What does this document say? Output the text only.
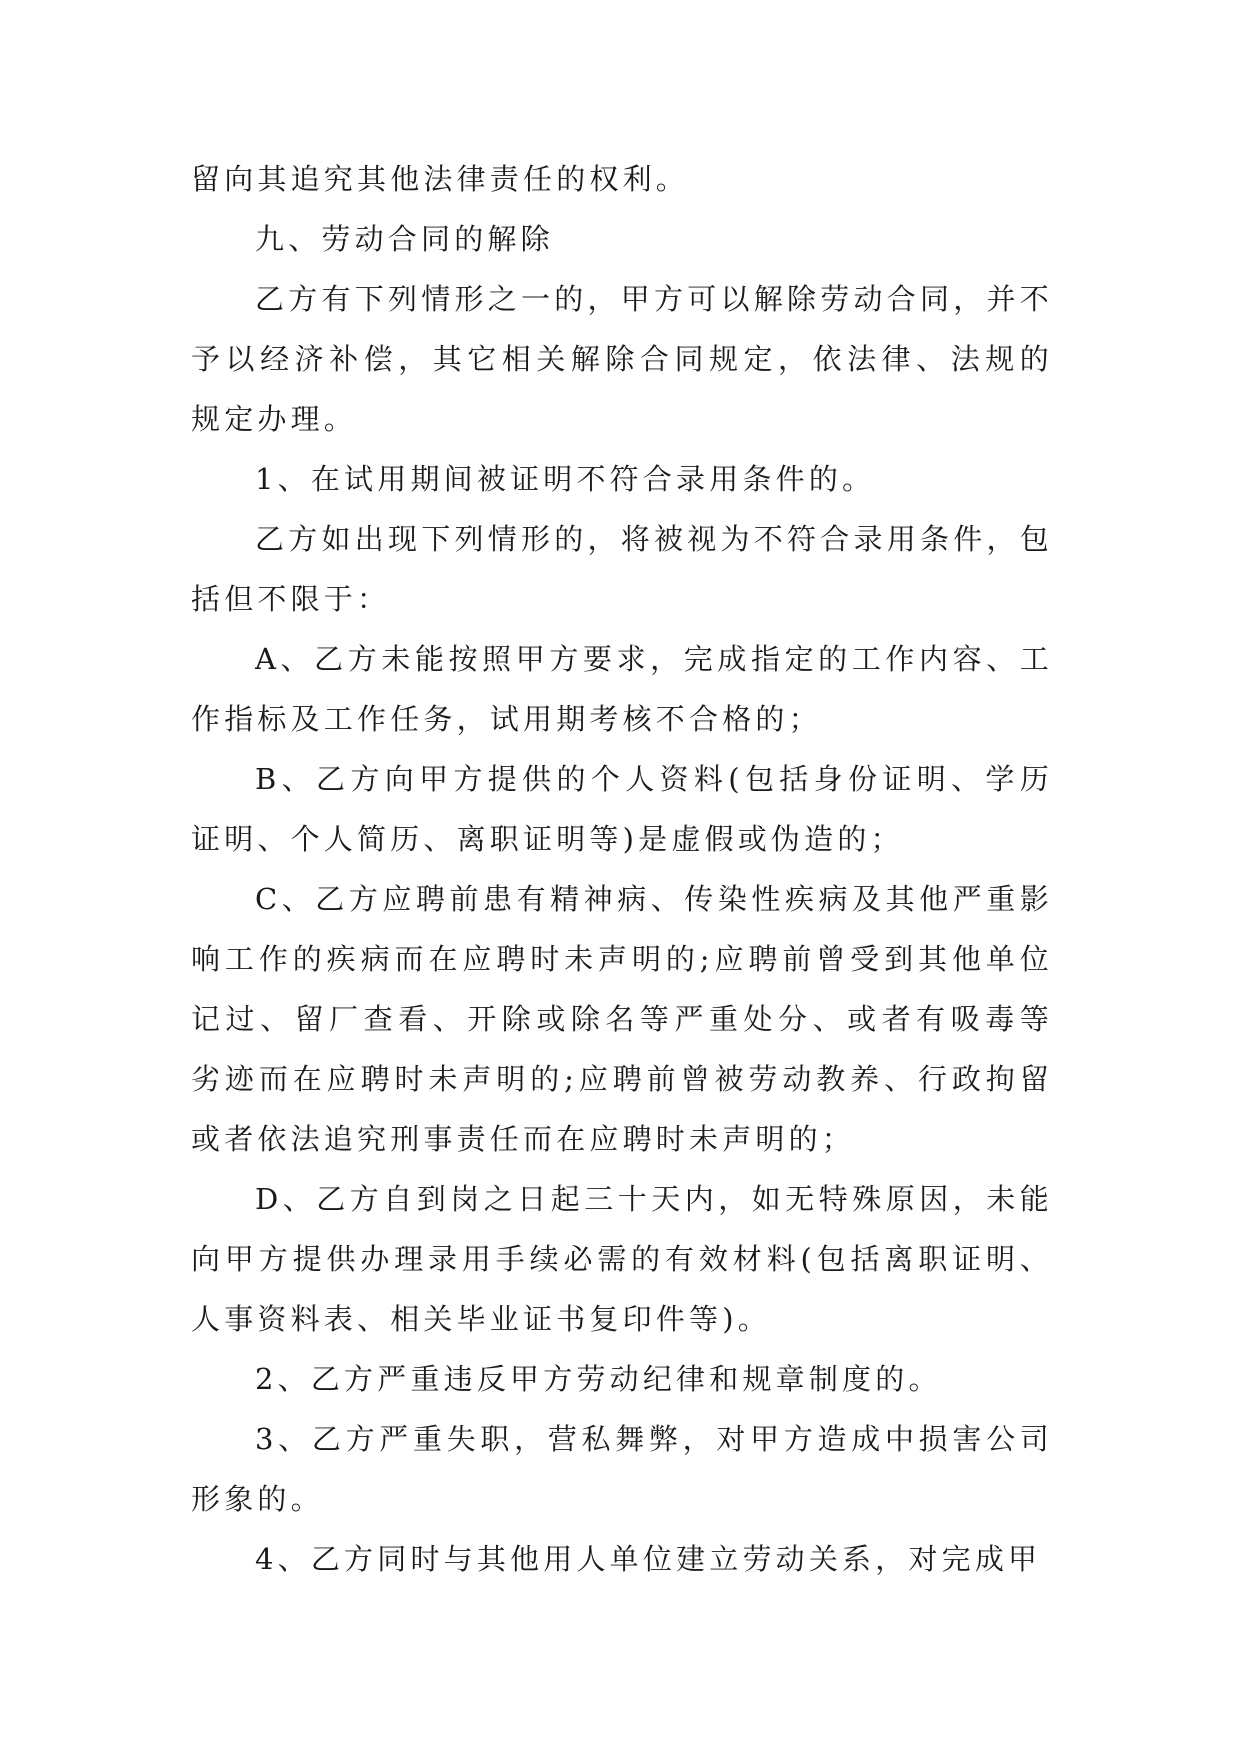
留向其追究其他法律责任的权利。

九、劳动合同的解除

乙方有下列情形之一的，甲方可以解除劳动合同，并不予以经济补偿，其它相关解除合同规定，依法律、法规的规定办理。

1、在试用期间被证明不符合录用条件的。

乙方如出现下列情形的，将被视为不符合录用条件，包括但不限于：

A、乙方未能按照甲方要求，完成指定的工作内容、工作指标及工作任务，试用期考核不合格的；

B、乙方向甲方提供的个人资料(包括身份证明、学历证明、个人简历、离职证明等)是虚假或伪造的；

C、乙方应聘前患有精神病、传染性疾病及其他严重影响工作的疾病而在应聘时未声明的;应聘前曾受到其他单位记过、留厂查看、开除或除名等严重处分、或者有吸毒等劣迹而在应聘时未声明的;应聘前曾被劳动教养、行政拘留或者依法追究刑事责任而在应聘时未声明的；

D、乙方自到岗之日起三十天内，如无特殊原因，未能向甲方提供办理录用手续必需的有效材料(包括离职证明、人事资料表、相关毕业证书复印件等)。

2、乙方严重违反甲方劳动纪律和规章制度的。

3、乙方严重失职，营私舞弊，对甲方造成中损害公司形象的。

4、乙方同时与其他用人单位建立劳动关系，对完成甲
